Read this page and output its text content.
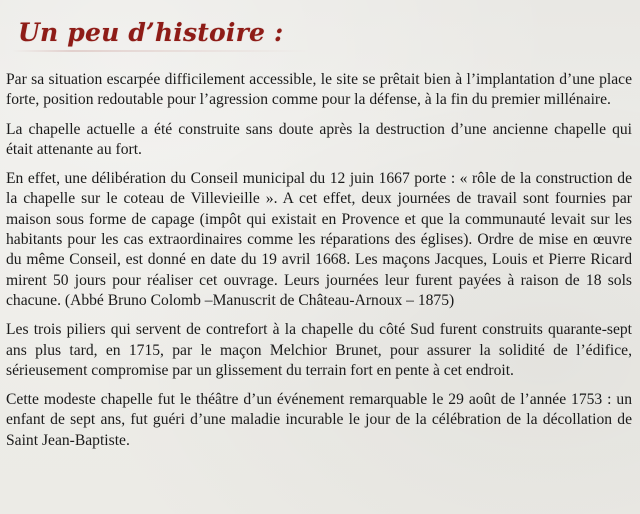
Un peu d’histoire :

Par sa situation escarpée difficilement accessible, le site se prêtait bien à l’implantation d’une place forte, position redoutable pour l’agression comme pour la défense, à la fin du premier millénaire.

La chapelle actuelle a été construite sans doute après la destruction d’une ancienne chapelle qui était attenante au fort.

En effet, une délibération du Conseil municipal du 12 juin 1667 porte : « rôle de la construction de la chapelle sur le coteau de Villevieille ». A cet effet, deux journées de travail sont fournies par maison sous forme de capage (impôt qui existait en Provence et que la communauté levait sur les habitants pour les cas extraordinaires comme les réparations des églises). Ordre de mise en œuvre du même Conseil, est donné en date du 19 avril 1668. Les maçons Jacques, Louis et Pierre Ricard mirent 50 jours pour réaliser cet ouvrage. Leurs journées leur furent payées à raison de 18 sols chacune. (Abbé Bruno Colomb –Manuscrit de Château-Arnoux – 1875)

Les trois piliers qui servent de contrefort à la chapelle du côté Sud furent construits quarante-sept ans plus tard, en 1715, par le maçon Melchior Brunet, pour assurer la solidité de l’édifice, sérieusement compromise par un glissement du terrain fort en pente à cet endroit.

Cette modeste chapelle fut le théâtre d’un événement remarquable le 29 août de l’année 1753 : un enfant de sept ans, fut guéri d’une maladie incurable le jour de la célébration de la décollation de Saint Jean-Baptiste.
